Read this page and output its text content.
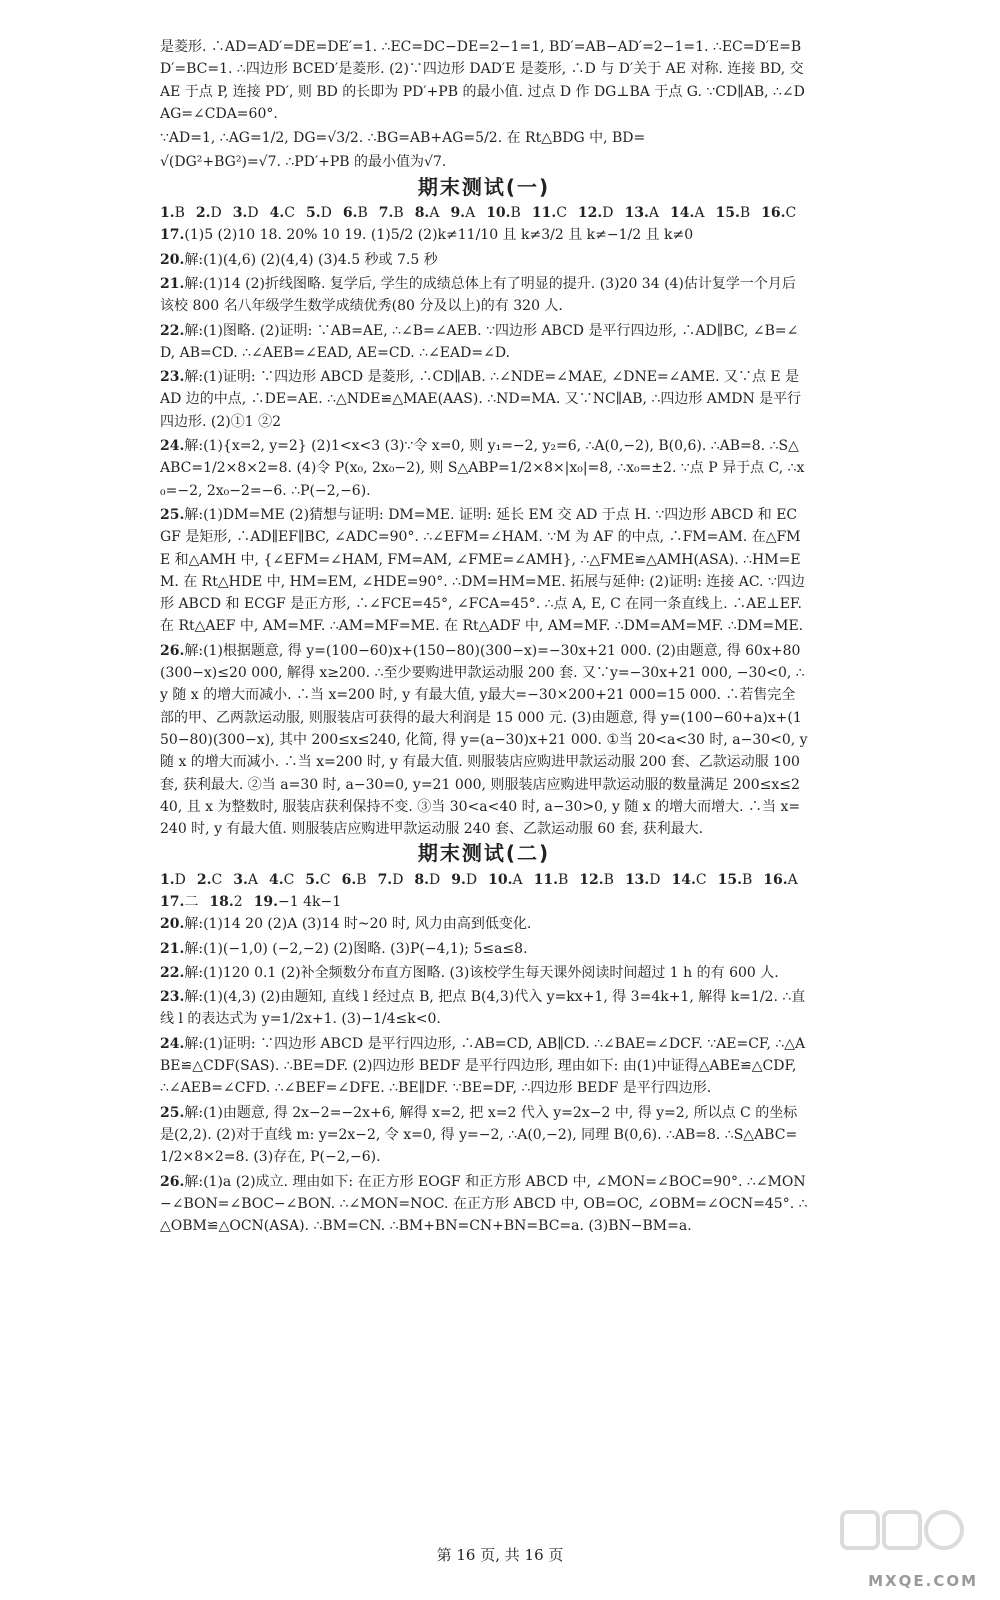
是菱形. ∴AD=AD′=DE=DE′=1. ∴EC=DC−DE=2−1=1, BD′=AB−AD′=2−1=1. ∴EC=D′E=BD′=BC=1. ∴四边形 BCED′是菱形. (2)∵四边形 DAD′E 是菱形, ∴D 与 D′关于 AE 对称. 连接 BD, 交 AE 于点 P, 连接 PD′, 则 BD 的长即为 PD′+PB 的最小值. 过点 D 作 DG⊥BA 于点 G. ∵CD∥AB, ∴∠DAG=∠CDA=60°.

∵AD=1, ∴AG=1/2, DG=√3/2. ∴BG=AB+AG=5/2. 在 Rt△BDG 中, BD=

√(DG²+BG²)=√7. ∴PD′+PB 的最小值为√7.

期末测试(一)
1.B 2.D 3.D 4.C 5.D 6.B 7.B 8.A 9.A 10.B 11.C 12.D 13.A 14.A 15.B 16.C

17.(1)5 (2)10 18. 20% 10 19. (1)5/2 (2)k≠11/10 且 k≠3/2 且 k≠−1/2 且 k≠0

20.解:(1)(4,6) (2)(4,4) (3)4.5 秒或 7.5 秒

21.解:(1)14 (2)折线图略. 复学后, 学生的成绩总体上有了明显的提升. (3)20 34 (4)估计复学一个月后该校 800 名八年级学生数学成绩优秀(80 分及以上)的有 320 人.

22.解:(1)图略. (2)证明: ∵AB=AE, ∴∠B=∠AEB. ∵四边形 ABCD 是平行四边形, ∴AD∥BC, ∠B=∠D, AB=CD. ∴∠AEB=∠EAD, AE=CD. ∴∠EAD=∠D.

23.解:(1)证明: ∵四边形 ABCD 是菱形, ∴CD∥AB. ∴∠NDE=∠MAE, ∠DNE=∠AME. 又∵点 E 是 AD 边的中点, ∴DE=AE. ∴△NDE≌△MAE(AAS). ∴ND=MA. 又∵NC∥AB, ∴四边形 AMDN 是平行四边形. (2)①1 ②2

24.解:(1){x=2, y=2} (2)1<x<3 (3)∵令 x=0, 则 y₁=−2, y₂=6, ∴A(0,−2), B(0,6). ∴AB=8. ∴S△ABC=1/2×8×2=8. (4)令 P(x₀, 2x₀−2), 则 S△ABP=1/2×8×|x₀|=8, ∴x₀=±2. ∵点 P 异于点 C, ∴x₀=−2, 2x₀−2=−6. ∴P(−2,−6).

25.解:(1)DM=ME (2)猜想与证明: DM=ME. 证明: 延长 EM 交 AD 于点 H. ∵四边形 ABCD 和 ECGF 是矩形, ∴AD∥EF∥BC, ∠ADC=90°. ∴∠EFM=∠HAM. ∵M 为 AF 的中点, ∴FM=AM. 在△FME 和△AMH 中, {∠EFM=∠HAM, FM=AM, ∠FME=∠AMH}, ∴△FME≌△AMH(ASA). ∴HM=EM. 在 Rt△HDE 中, HM=EM, ∠HDE=90°. ∴DM=HM=ME. 拓展与延伸: (2)证明: 连接 AC. ∵四边形 ABCD 和 ECGF 是正方形, ∴∠FCE=45°, ∠FCA=45°. ∴点 A, E, C 在同一条直线上. ∴AE⊥EF. 在 Rt△AEF 中, AM=MF. ∴AM=MF=ME. 在 Rt△ADF 中, AM=MF. ∴DM=AM=MF. ∴DM=ME.

26.解:(1)根据题意, 得 y=(100−60)x+(150−80)(300−x)=−30x+21 000. (2)由题意, 得 60x+80(300−x)≤20 000, 解得 x≥200. ∴至少要购进甲款运动服 200 套. 又∵y=−30x+21 000, −30<0, ∴y 随 x 的增大而减小. ∴当 x=200 时, y 有最大值, y最大=−30×200+21 000=15 000. ∴若售完全部的甲、乙两款运动服, 则服装店可获得的最大利润是 15 000 元. (3)由题意, 得 y=(100−60+a)x+(150−80)(300−x), 其中 200≤x≤240, 化简, 得 y=(a−30)x+21 000. ①当 20<a<30 时, a−30<0, y 随 x 的增大而减小. ∴当 x=200 时, y 有最大值. 则服装店应购进甲款运动服 200 套、乙款运动服 100 套, 获利最大. ②当 a=30 时, a−30=0, y=21 000, 则服装店应购进甲款运动服的数量满足 200≤x≤240, 且 x 为整数时, 服装店获利保持不变. ③当 30<a<40 时, a−30>0, y 随 x 的增大而增大. ∴当 x=240 时, y 有最大值. 则服装店应购进甲款运动服 240 套、乙款运动服 60 套, 获利最大.

期末测试(二)
1.D 2.C 3.A 4.C 5.C 6.B 7.D 8.D 9.D 10.A 11.B 12.B 13.D 14.C 15.B 16.A
17.二 18.2 19.−1 4k−1

20.解:(1)14 20 (2)A (3)14 时~20 时, 风力由高到低变化.

21.解:(1)(−1,0) (−2,−2) (2)图略. (3)P(−4,1); 5≤a≤8.

22.解:(1)120 0.1 (2)补全频数分布直方图略. (3)该校学生每天课外阅读时间超过 1 h 的有 600 人.

23.解:(1)(4,3) (2)由题知, 直线 l 经过点 B, 把点 B(4,3)代入 y=kx+1, 得 3=4k+1, 解得 k=1/2. ∴直线 l 的表达式为 y=1/2x+1. (3)−1/4≤k<0.

24.解:(1)证明: ∵四边形 ABCD 是平行四边形, ∴AB=CD, AB∥CD. ∴∠BAE=∠DCF. ∵AE=CF, ∴△ABE≌△CDF(SAS). ∴BE=DF. (2)四边形 BEDF 是平行四边形, 理由如下: 由(1)中证得△ABE≌△CDF, ∴∠AEB=∠CFD. ∴∠BEF=∠DFE. ∴BE∥DF. ∵BE=DF, ∴四边形 BEDF 是平行四边形.

25.解:(1)由题意, 得 2x−2=−2x+6, 解得 x=2, 把 x=2 代入 y=2x−2 中, 得 y=2, 所以点 C 的坐标是(2,2). (2)对于直线 m: y=2x−2, 令 x=0, 得 y=−2, ∴A(0,−2), 同理 B(0,6). ∴AB=8. ∴S△ABC=1/2×8×2=8. (3)存在, P(−2,−6).

26.解:(1)a (2)成立. 理由如下: 在正方形 EOGF 和正方形 ABCD 中, ∠MON=∠BOC=90°. ∴∠MON−∠BON=∠BOC−∠BON. ∴∠MON=NOC. 在正方形 ABCD 中, OB=OC, ∠OBM=∠OCN=45°. ∴△OBM≌△OCN(ASA). ∴BM=CN. ∴BM+BN=CN+BN=BC=a. (3)BN−BM=a.

第 16 页, 共 16 页
MXQE.COM
